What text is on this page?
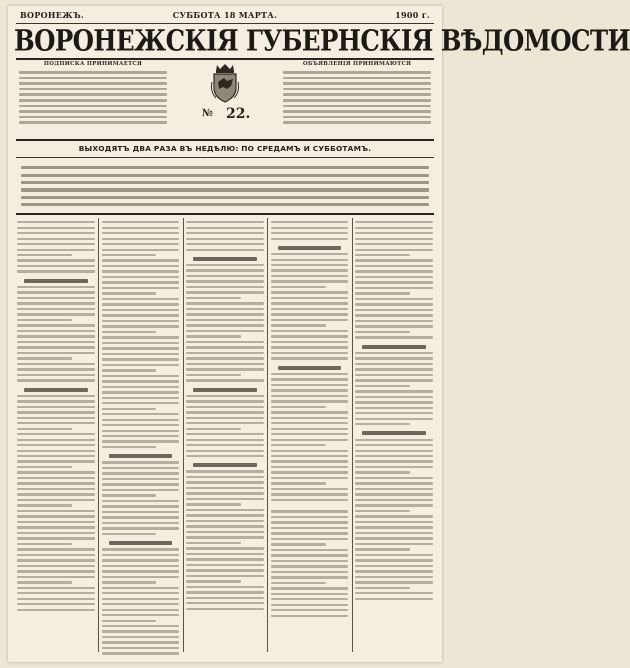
ВОРОНЕЖЪ.	СУББОТА 18 МАРТА.	1900 г.
ВОРОНЕЖСКІЯ ГУБЕРНСКІЯ ВѢДОМОСТИ
ПОДПИСКА ПРИНИМАЕТСЯ
№ 22.
ОБЪЯВЛЕНІЯ ПРИНИМАЮТСЯ
ВЫХОДЯТЪ ДВА РАЗА ВЪ НЕДѢЛЮ: ПО СРЕДАМЪ И СУББОТАМЪ.
